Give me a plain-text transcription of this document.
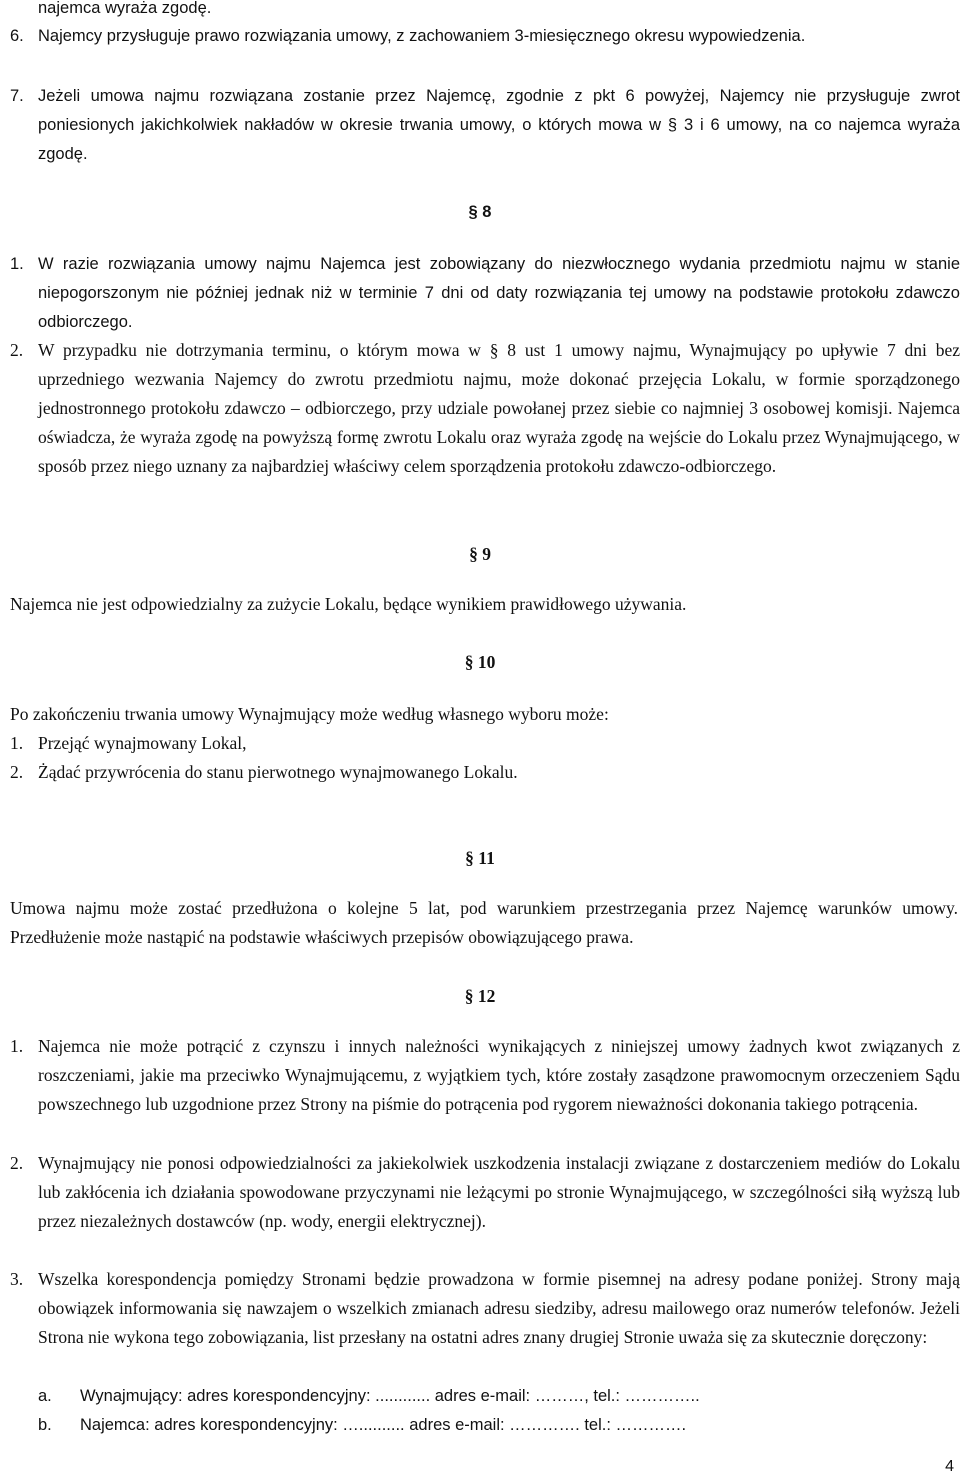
najemca wyraża zgodę.
6. Najemcy przysługuje prawo rozwiązania umowy, z zachowaniem 3-miesięcznego okresu wypowiedzenia.
7. Jeżeli umowa najmu rozwiązana zostanie przez Najemcę, zgodnie z pkt 6 powyżej, Najemcy nie przysługuje zwrot poniesionych jakichkolwiek nakładów w okresie trwania umowy, o których mowa w § 3 i 6 umowy, na co najemca wyraża zgodę.
§ 8
1. W razie rozwiązania umowy najmu Najemca jest zobowiązany do niezwłocznego wydania przedmiotu najmu w stanie niepogorszonym nie później jednak niż w terminie 7 dni od daty rozwiązania tej umowy na podstawie protokołu zdawczo odbiorczego.
2. W przypadku nie dotrzymania terminu, o którym mowa w § 8 ust 1 umowy najmu, Wynajmujący po upływie 7 dni bez uprzedniego wezwania Najemcy do zwrotu przedmiotu najmu, może dokonać przejęcia Lokalu, w formie sporządzonego jednostronnego protokołu zdawczo – odbiorczego, przy udziale powołanej przez siebie co najmniej 3 osobowej komisji. Najemca oświadcza, że wyraża zgodę na powyższą formę zwrotu Lokalu oraz wyraża zgodę na wejście do Lokalu przez Wynajmującego, w sposób przez niego uznany za najbardziej właściwy celem sporządzenia protokołu zdawczo-odbiorczego.
§ 9
Najemca nie jest odpowiedzialny za zużycie Lokalu, będące wynikiem prawidłowego używania.
§ 10
Po zakończeniu trwania umowy Wynajmujący może według własnego wyboru może:
1. Przejąć wynajmowany Lokal,
2. Żądać przywrócenia do stanu pierwotnego wynajmowanego Lokalu.
§ 11
Umowa najmu może zostać przedłużona o kolejne 5 lat, pod warunkiem przestrzegania przez Najemcę warunków umowy. Przedłużenie może nastąpić na podstawie właściwych przepisów obowiązującego prawa.
§ 12
1. Najemca nie może potrącić z czynszu i innych należności wynikających z niniejszej umowy żadnych kwot związanych z roszczeniami, jakie ma przeciwko Wynajmującemu, z wyjątkiem tych, które zostały zasądzone prawomocnym orzeczeniem Sądu powszechnego lub uzgodnione przez Strony na piśmie do potrącenia pod rygorem nieważności dokonania takiego potrącenia.
2. Wynajmujący nie ponosi odpowiedzialności za jakiekolwiek uszkodzenia instalacji związane z dostarczeniem mediów do Lokalu lub zakłócenia ich działania spowodowane przyczynami nie leżącymi po stronie Wynajmującego, w szczególności siłą wyższą lub przez niezależnych dostawców (np. wody, energii elektrycznej).
3. Wszelka korespondencja pomiędzy Stronami będzie prowadzona w formie pisemnej na adresy podane poniżej. Strony mają obowiązek informowania się nawzajem o wszelkich zmianach adresu siedziby, adresu mailowego oraz numerów telefonów. Jeżeli Strona nie wykona tego zobowiązania, list przesłany na ostatni adres znany drugiej Stronie uważa się za skutecznie doręczony:
a.	Wynajmujący: adres korespondencyjny: ............ adres e-mail: ………, tel.: …………..
b.	Najemca: adres korespondencyjny: ….......... adres e-mail: …………. tel.: ………….
4
